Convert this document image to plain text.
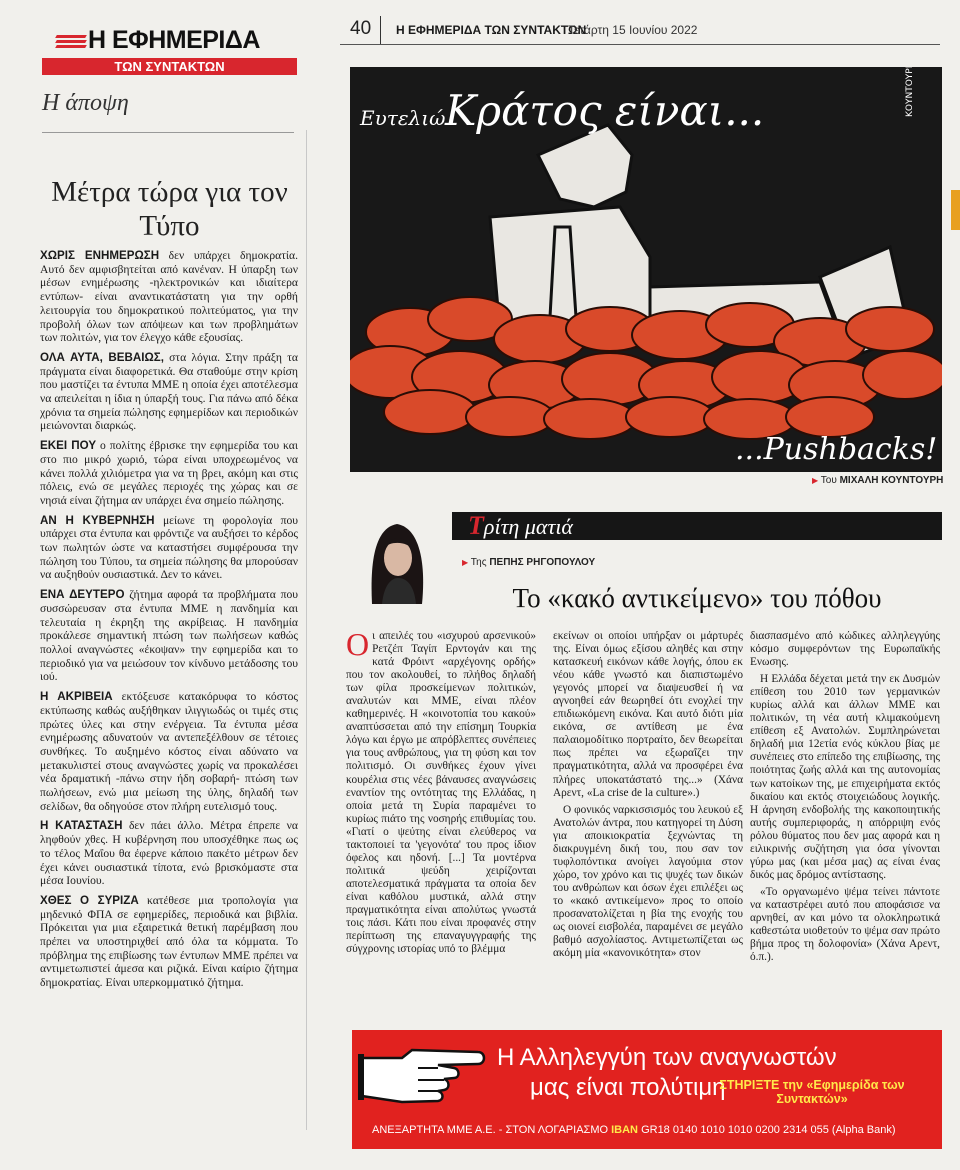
Η ΕΦΗΜΕΡΙΔΑ
ΤΩΝ ΣΥΝΤΑΚΤΩΝ
Η άποψη
Μέτρα τώρα για τον Τύπο

ΧΩΡΙΣ ΕΝΗΜΕΡΩΣΗ δεν υπάρχει δημοκρατία. Αυτό δεν αμφισβητείται από κανέναν. Η ύπαρξη των μέσων ενημέρωσης -ηλεκτρονικών και ιδιαίτερα εντύπων- είναι αναντικατάστατη για την ορθή λειτουργία του δημοκρατικού πολιτεύματος, για την προβολή όλων των απόψεων και των προβλημάτων των πολιτών, για τον έλεγχο κάθε εξουσίας.

ΟΛΑ ΑΥΤΑ, ΒΕΒΑΙΩΣ, στα λόγια. Στην πράξη τα πράγματα είναι διαφορετικά. Θα σταθούμε στην κρίση που μαστίζει τα έντυπα ΜΜΕ η οποία έχει αποτέλεσμα να απειλείται η ίδια η ύπαρξή τους. Για πάνω από δέκα χρόνια τα σημεία πώλησης εφημερίδων και περιοδικών μειώνονται διαρκώς.

ΕΚΕΙ ΠΟΥ ο πολίτης έβρισκε την εφημερίδα του και στο πιο μικρό χωριό, τώρα είναι υποχρεωμένος να κάνει πολλά χιλιόμετρα για να τη βρει, ακόμη και στις πόλεις, ενώ σε μεγάλες περιοχές της χώρας και σε νησιά είναι ζήτημα αν υπάρχει ένα σημείο πώλησης.

ΑΝ Η ΚΥΒΕΡΝΗΣΗ μείωνε τη φορολογία που υπάρχει στα έντυπα και φρόντιζε να αυξήσει το κέρδος των πωλητών ώστε να καταστήσει συμφέρουσα την πώληση του Τύπου, τα σημεία πώλησης θα μπορούσαν να αυξηθούν ουσιαστικά. Δεν το κάνει.

ΕΝΑ ΔΕΥΤΕΡΟ ζήτημα αφορά τα προβλήματα που συσσώρευσαν στα έντυπα ΜΜΕ η πανδημία και τελευταία η έκρηξη της ακρίβειας. Η πανδημία προκάλεσε σημαντική πτώση των πωλήσεων καθώς πολλοί αναγνώστες «έκοψαν» την εφημερίδα και το περιοδικό για να μειώσουν τον κίνδυνο μετάδοσης του ιού.

Η ΑΚΡΙΒΕΙΑ εκτόξευσε κατακόρυφα το κόστος εκτύπωσης καθώς αυξήθηκαν ιλιγγιωδώς οι τιμές στις πρώτες ύλες και στην ενέργεια. Τα έντυπα μέσα ενημέρωσης αδυνατούν να αντεπεξέλθουν σε τέτοιες συνθήκες. Το αυξημένο κόστος είναι αδύνατο να μετακυλιστεί στους αναγνώστες χωρίς να προκαλέσει νέα δραματική -πάνω στην ήδη σοβαρή- πτώση των πωλήσεων, ενώ μια μείωση της ύλης, δηλαδή των σελίδων, θα οδηγούσε στον πλήρη ευτελισμό τους.

Η ΚΑΤΑΣΤΑΣΗ δεν πάει άλλο. Μέτρα έπρεπε να ληφθούν χθες. Η κυβέρνηση που υποσχέθηκε πως ως το τέλος Μαΐου θα έφερνε κάποιο πακέτο μέτρων δεν έχει κάνει ουσιαστικά τίποτα, ενώ βρισκόμαστε στα μέσα Ιουνίου.

ΧΘΕΣ Ο ΣΥΡΙΖΑ κατέθεσε μια τροπολογία για μηδενικό ΦΠΑ σε εφημερίδες, περιοδικά και βιβλία. Πρόκειται για μια εξαιρετικά θετική παρέμβαση που πρέπει να υποστηριχθεί από όλα τα κόμματα. Το πρόβλημα της επιβίωσης των έντυπων ΜΜΕ πρέπει να αντιμετωπιστεί άμεσα και ριζικά. Είναι καίριο ζήτημα δημοκρατίας. Είναι υπερκομματικό ζήτημα.

40 Η ΕΦΗΜΕΡΙΔΑ ΤΩΝ ΣΥΝΤΑΚΤΩΝ
Τετάρτη 15 Ιουνίου 2022
Ευτελιώ Κράτος είναι...
...Pushbacks!
ΚΟΥΝΤΟΥΡΗΣ
▶ Του ΜΙΧΑΛΗ ΚΟΥΝΤΟΥΡΗ
Τρίτη ματιά
▶ Της ΠΕΠΗΣ ΡΗΓΟΠΟΥΛΟΥ
Το «κακό αντικείμενο» του πόθου

Οι απειλές του «ισχυρού αρσενικού» Ρετζέπ Ταγίπ Ερντογάν και της κατά Φρόιντ «αρχέγονης ορδής» που τον ακολουθεί, το πλήθος δηλαδή των φίλα προσκείμενων πολιτικών, αναλυτών και ΜΜΕ, είναι πλέον καθημερινές. Η «κοινοτοπία του κακού» αναπτύσσεται από την επίσημη Τουρκία λόγω και έργω με απρόβλεπτες συνέπειες για τους ανθρώπους, για τη φύση και τον πολιτισμό. Οι συνθήκες έχουν γίνει κουρέλια στις νέες βάναυσες αναγνώσεις εναντίον της οντότητας της Ελλάδας, η οποία μετά τη Συρία παραμένει το κυρίως πιάτο της νοσηρής επιθυμίας του. «Γιατί ο ψεύτης είναι ελεύθερος να τακτοποιεί τα 'γεγονότα' του προς ίδιον όφελος και ηδονή. [...] Τα μοντέρνα πολιτικά ψεύδη χειρίζονται αποτελεσματικά πράγματα τα οποία δεν είναι καθόλου μυστικά, αλλά στην πραγματικότητα είναι απολύτως γνωστά τοις πάσι. Κάτι που είναι προφανές στην περίπτωση της επαναγυγγραφής της σύγχρονης ιστορίας υπό το βλέμμα

εκείνων οι οποίοι υπήρξαν οι μάρτυρές της. Είναι όμως εξίσου αληθές και στην κατασκευή εικόνων κάθε λογής, όπου εκ νέου κάθε γνωστό και διαπιστωμένο γεγονός μπορεί να διαψευσθεί ή να αγνοηθεί εάν θεωρηθεί ότι ενοχλεί την επιδιωκόμενη εικόνα. Και αυτό διότι μία εικόνα, σε αντίθεση με ένα παλαιομοδίτικο πορτραίτο, δεν θεωρείται πως πρέπει να εξωραΐζει την πραγματικότητα, αλλά να προσφέρει ένα πλήρες υποκατάστατό της...» (Χάνα Αρεντ, «La crise de la culture».)

Ο φονικός ναρκισσισμός του λευκού εξ Ανατολών άντρα, που κατηγορεί τη Δύση για αποικιοκρατία ξεχνώντας τη διακρυγμένη δική του, που σαν τον τυφλοπόντικα ανοίγει λαγούμια στον χώρο, τον χρόνο και τις ψυχές των δικών του ανθρώπων και όσων έχει επιλέξει ως το «κακό αντικείμενο» προς το οποίο προσανατολίζεται η βία της ενοχής του ως οιονεί εισβολέα, παραμένει σε μεγάλο βαθμό ασχολίαστος. Αντιμετωπίζεται ως ακόμη μία «κανονικότητα» στον

διασπασμένο από κώδικες αλληλεγγύης κόσμο συμφερόντων της Ευρωπαϊκής Ενωσης.

Η Ελλάδα δέχεται μετά την εκ Δυσμών επίθεση του 2010 των γερμανικών κυρίως αλλά και άλλων ΜΜΕ και πολιτικών, τη νέα αυτή κλιμακούμενη επίθεση εξ Ανατολών. Συμπληρώνεται δηλαδή μια 12ετία ενός κύκλου βίας με συνέπειες στο επίπεδο της επιβίωσης, της ποιότητας ζωής αλλά και της αυτονομίας των κατοίκων της, με επιχειρήματα εκτός δικαίου και εκτός στοιχειώδους λογικής. Η άρνηση ενδοβολής της κακοποιητικής αυτής συμπεριφοράς, η απόρριψη ενός ρόλου θύματος που δεν μας αφορά και η ειλικρινής συζήτηση για όσα γίνονται γύρω μας (και μέσα μας) ας είναι ένας δικός μας δρόμος αντίστασης.

«Το οργανωμένο ψέμα τείνει πάντοτε να καταστρέφει αυτό που αποφάσισε να αρνηθεί, αν και μόνο τα ολοκληρωτικά καθεστώτα υιοθετούν το ψέμα σαν πρώτο βήμα προς τη δολοφονία» (Χάνα Αρεντ, ό.π.).

Η Αλληλεγγύη των αναγνωστών
μας είναι πολύτιμη
ΣΤΗΡΙΞΤΕ την «Εφημερίδα των Συντακτών»
ΑΝΕΞΑΡΤΗΤΑ ΜΜΕ Α.Ε. - ΣΤΟΝ ΛΟΓΑΡΙΑΣΜΟ IBAN GR18 0140 1010 1010 0200 2314 055 (Alpha Bank)
